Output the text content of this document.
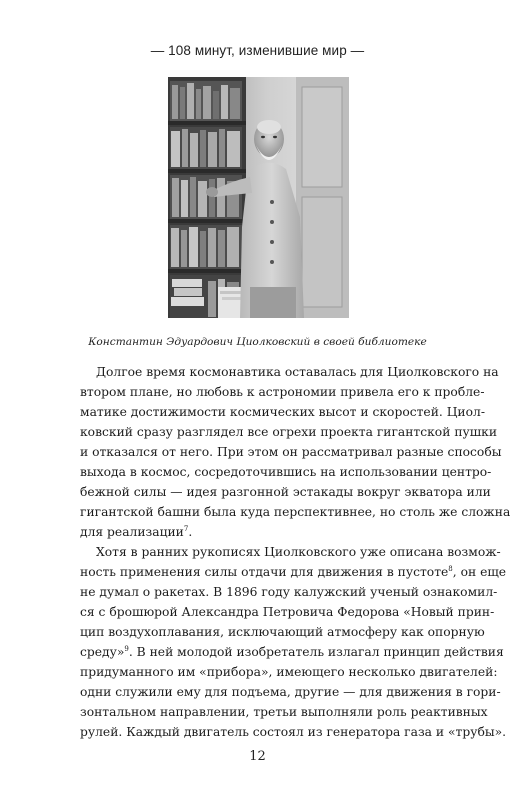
— 108 минут, изменившие мир —
Константин Эдуардович Циолковский в своей библиотеке
Долгое время космонавтика оставалась для Циолковского на
втором плане, но любовь к астрономии привела его к пробле-
матике достижимости космических высот и скоростей. Циол-
ковский сразу разглядел все огрехи проекта гигантской пушки
и отказался от него. При этом он рассматривал разные способы
выхода в космос, сосредоточившись на использовании центро-
бежной силы — идея разгонной эстакады вокруг экватора или
гигантской башни была куда перспективнее, но столь же сложна
для реализации$^7$.
Хотя в ранних рукописях Циолковского уже описана возмож-
ность применения силы отдачи для движения в пустоте$^8$, он еще
не думал о ракетах. В 1896 году калужский ученый ознакомил-
ся с брошюрой Александра Петровича Федорова «Новый прин-
цип воздухоплавания, исключающий атмосферу как опорную
среду»$^9$. В ней молодой изобретатель излагал принцип действия
придуманного им «прибора», имеющего несколько двигателей:
одни служили ему для подъема, другие — для движения в гори-
зонтальном направлении, третьи выполняли роль реактивных
рулей. Каждый двигатель состоял из генератора газа и «трубы».
12
